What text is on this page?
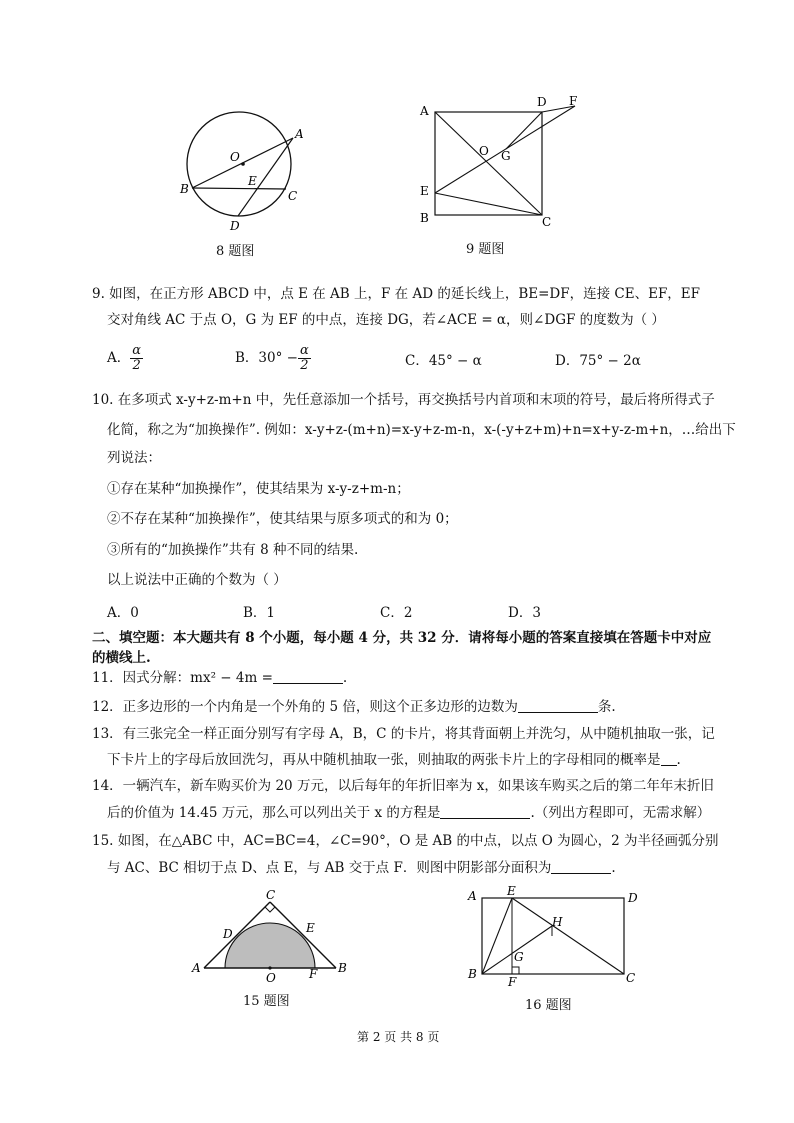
O
A
B
E
C
D
8 题图
A
D F
O G
E
B	C
9 题图
9. 如图，在正方形 ABCD 中，点 E 在 AB 上，F 在 AD 的延长线上，BE=DF，连接 CE、EF，EF
交对角线 AC 于点 O，G 为 EF 的中点，连接 DG，若∠ACE = α，则∠DGF 的度数为（ ）
A． $\frac{\alpha}{2}$	B．$30^\circ - \frac{\alpha}{2}$	C．45° − α	D．75° − 2α
10. 在多项式 x-y+z-m+n 中，先任意添加一个括号，再交换括号内首项和末项的符号，最后将所得式子
化简，称之为“加换操作”. 例如：x-y+z-(m+n)=x-y+z-m-n，x-(-y+z+m)+n=x+y-z-m+n，…给出下
列说法：
①存在某种“加换操作”，使其结果为 x-y-z+m-n；
②不存在某种“加换操作”，使其结果与原多项式的和为 0；
③所有的“加换操作”共有 8 种不同的结果.
以上说法中正确的个数为（ ）
A．0	B．1	C．2	D．3
二、填空题：本大题共有 8 个小题，每小题 4 分，共 32 分．请将每小题的答案直接填在答题卡中对应
的横线上.
11．因式分解：mx² − 4m =	.
12．正多边形的一个内角是一个外角的 5 倍，则这个正多边形的边数为	条.
13．有三张完全一样正面分别写有字母 A，B，C 的卡片，将其背面朝上并洗匀，从中随机抽取一张，记
下卡片上的字母后放回洗匀，再从中随机抽取一张，则抽取的两张卡片上的字母相同的概率是 .
14．一辆汽车，新车购买价为 20 万元，以后每年的年折旧率为 x，如果该车购买之后的第二年年末折旧
后的价值为 14.45 万元，那么可以列出关于 x 的方程是	.（列出方程即可，无需求解）
15. 如图，在△ABC 中，AC=BC=4，∠C=90°，O 是 AB 的中点，以点 O 为圆心，2 为半径画弧分别
与 AC、BC 相切于点 D、点 E，与 AB 交于点 F．则图中阴影部分面积为	.
C
D	E
A
O	F B
15 题图
A	E	D
H
G
B
F	C
16 题图
第 2 页 共 8 页
